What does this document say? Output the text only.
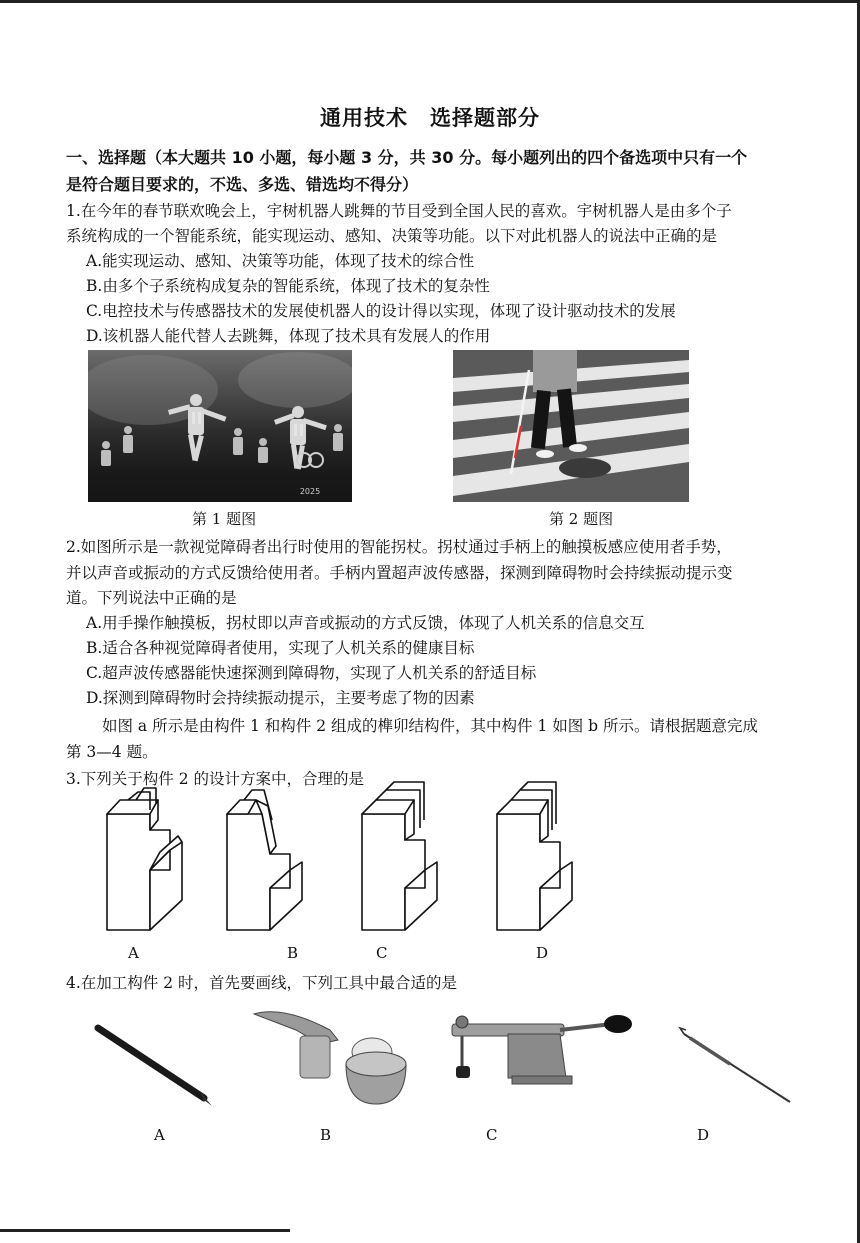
通用技术　选择题部分
一、选择题（本大题共 10 小题，每小题 3 分，共 30 分。每小题列出的四个备选项中只有一个
是符合题目要求的，不选、多选、错选均不得分）
1.在今年的春节联欢晚会上，宇树机器人跳舞的节目受到全国人民的喜欢。宇树机器人是由多个子
系统构成的一个智能系统，能实现运动、感知、决策等功能。以下对此机器人的说法中正确的是
A.能实现运动、感知、决策等功能，体现了技术的综合性
B.由多个子系统构成复杂的智能系统，体现了技术的复杂性
C.电控技术与传感器技术的发展使机器人的设计得以实现，体现了设计驱动技术的发展
D.该机器人能代替人去跳舞，体现了技术具有发展人的作用
2025
第 1 题图	第 2 题图
2.如图所示是一款视觉障碍者出行时使用的智能拐杖。拐杖通过手柄上的触摸板感应使用者手势，
并以声音或振动的方式反馈给使用者。手柄内置超声波传感器，探测到障碍物时会持续振动提示变
道。下列说法中正确的是
A.用手操作触摸板，拐杖即以声音或振动的方式反馈，体现了人机关系的信息交互
B.适合各种视觉障碍者使用，实现了人机关系的健康目标
C.超声波传感器能快速探测到障碍物，实现了人机关系的舒适目标
D.探测到障碍物时会持续振动提示，主要考虑了物的因素
如图 a 所示是由构件 1 和构件 2 组成的榫卯结构件，其中构件 1 如图 b 所示。请根据题意完成
第 3—4 题。
3.下列关于构件 2 的设计方案中，合理的是
A	B	C	D
4.在加工构件 2 时，首先要画线，下列工具中最合适的是
A	B	C	D
